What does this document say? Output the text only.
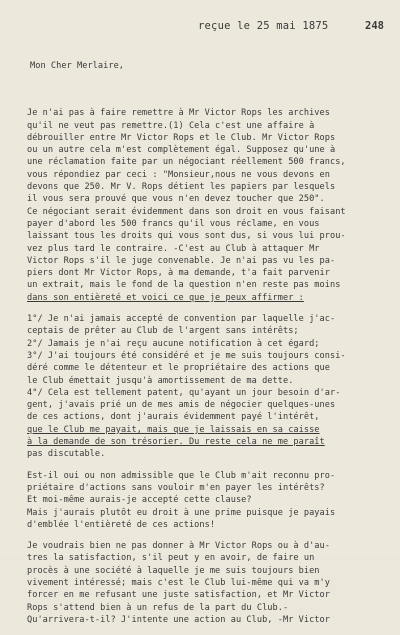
reçue le 25 mai 1875	248
Mon Cher Merlaire,
Je n'ai pas à faire remettre à Mr Victor Rops les archives
qu'il ne veut pas remettre.(1) Cela c'est une affaire à
débrouiller entre Mr Victor Rops et le Club. Mr Victor Rops
ou un autre cela m'est complètement égal. Supposez qu'une à
une réclamation faite par un négociant réellement 500 francs,
vous répondiez par ceci : "Monsieur,nous ne vous devons en
devons que 250. Mr V. Rops détient les papiers par lesquels
il vous sera prouvé que vous n'en devez toucher que 250".
Ce négociant serait évidemment dans son droit en vous faisant
payer d'abord les 500 francs qu'il vous réclame, en vous
laissant tous les droits qui vous sont dus, si vous lui prou-
vez plus tard le contraire. -C'est au Club à attaquer Mr
Victor Rops s'il le juge convenable. Je n'ai pas vu les pa-
piers dont Mr Victor Rops, à ma demande, t'a fait parvenir
un extrait, mais le fond de la question n'en reste pas moins
dans son entièreté et voici ce que je peux affirmer :
1°/ Je n'ai jamais accepté de convention par laquelle j'ac-
ceptais de prêter au Club de l'argent sans intérêts;
2°/ Jamais je n'ai reçu aucune notification à cet égard;
3°/ J'ai toujours été considéré et je me suis toujours consi-
déré comme le détenteur et le propriétaire des actions que
le Club émettait jusqu'à amortissement de ma dette.
4°/ Cela est tellement patent, qu'ayant un jour besoin d'ar-
gent, j'avais prié un de mes amis de négocier quelques-unes
de ces actions, dont j'aurais évidemment payé l'intérêt,
que le Club me payait, mais que je laissais en sa caisse
à la demande de son trésorier. Du reste cela ne me paraît
pas discutable.
Est-il oui ou non admissible que le Club m'ait reconnu pro-
priétaire d'actions sans vouloir m'en payer les intérêts?
Et moi-même aurais-je accepté cette clause?
Mais j'aurais plutôt eu droit à une prime puisque je payais
d'emblée l'entièreté de ces actions!
Je voudrais bien ne pas donner à Mr Victor Rops ou à d'au-
tres la satisfaction, s'il peut y en avoir, de faire un
procès à une société à laquelle je me suis toujours bien
vivement intéressé; mais c'est le Club lui-même qui va m'y
forcer en me refusant une juste satisfaction, et Mr Victor
Rops s'attend bien à un refus de la part du Club.-
Qu'arrivera-t-il? J'intente une action au Club, -Mr Victor
